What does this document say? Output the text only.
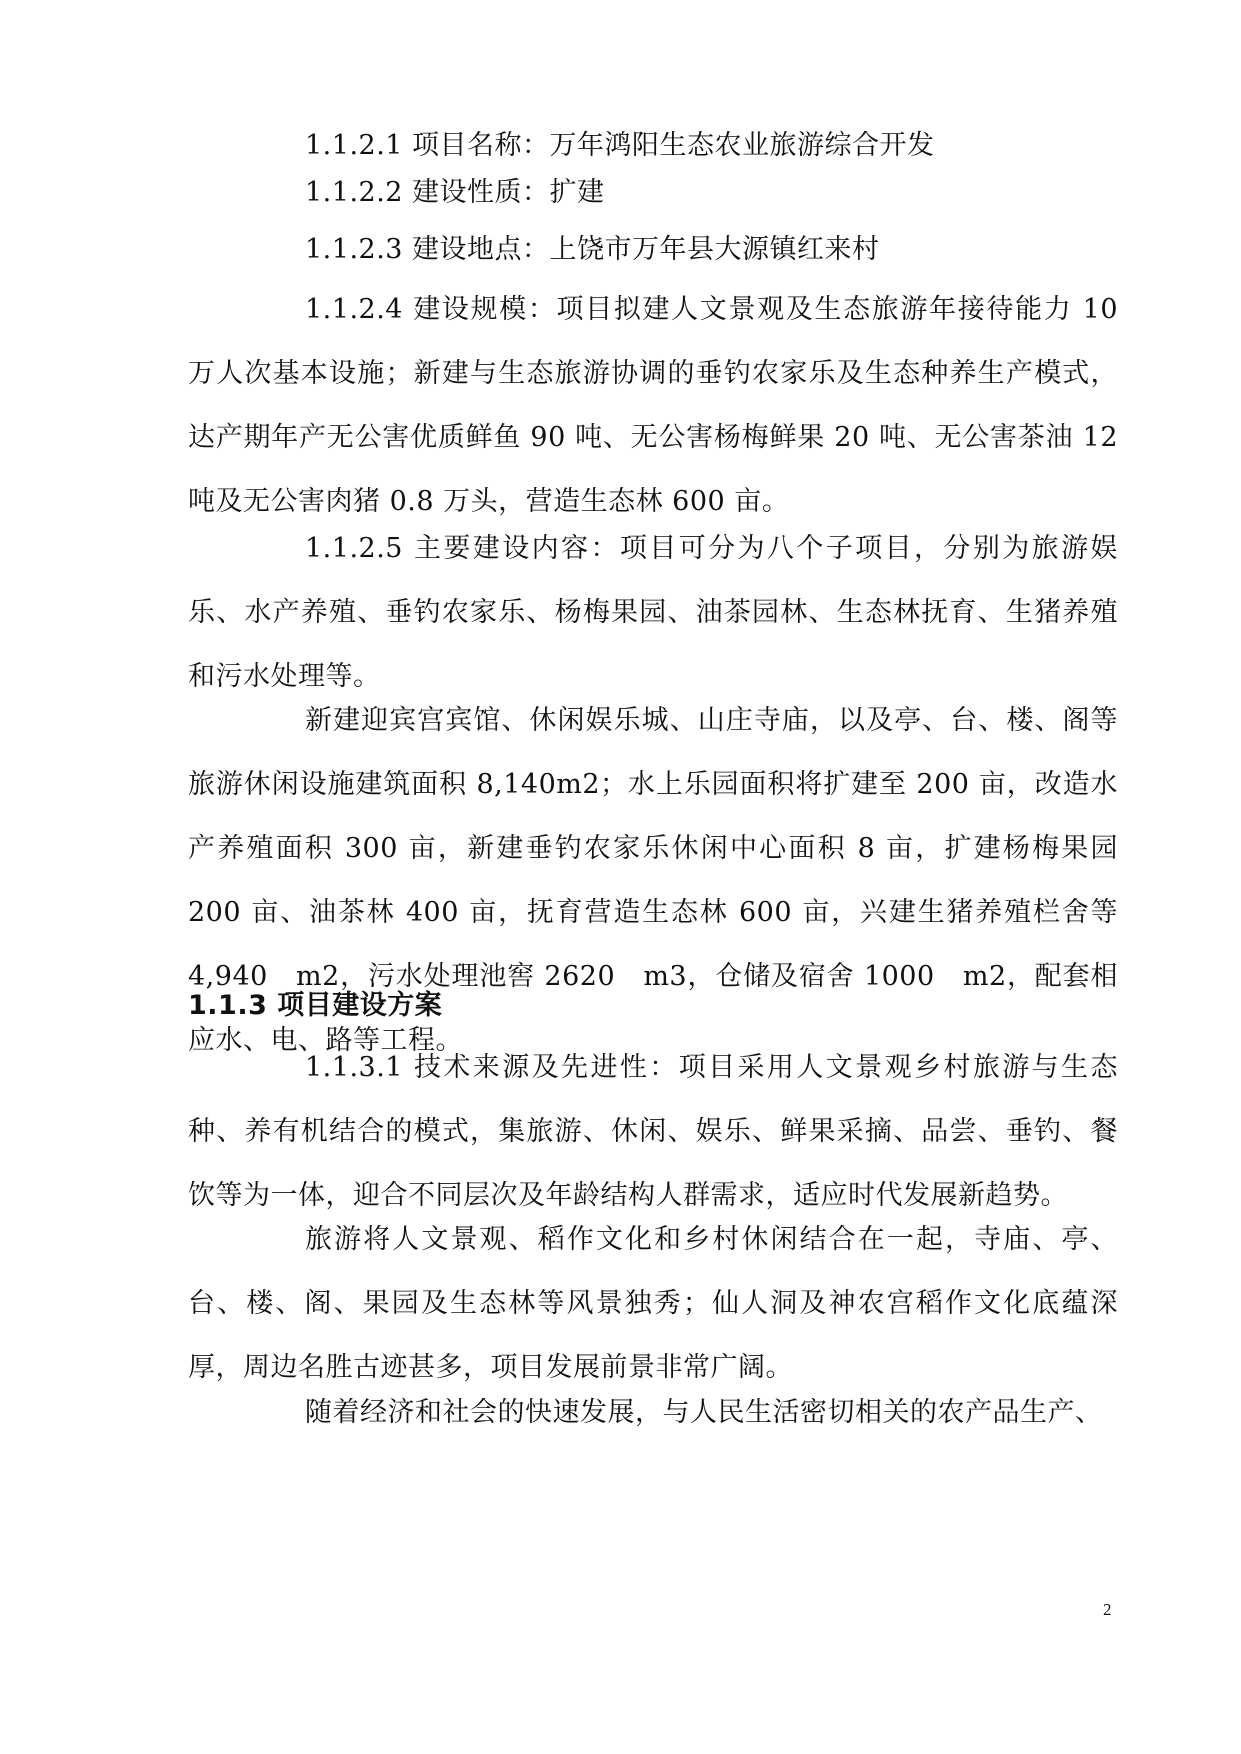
1.1.2.1 项目名称：万年鸿阳生态农业旅游综合开发

1.1.2.2 建设性质：扩建

1.1.2.3 建设地点：上饶市万年县大源镇红来村

1.1.2.4 建设规模：项目拟建人文景观及生态旅游年接待能力 10 万人次基本设施；新建与生态旅游协调的垂钓农家乐及生态种养生产模式，达产期年产无公害优质鲜鱼 90 吨、无公害杨梅鲜果 20 吨、无公害茶油 12 吨及无公害肉猪 0.8 万头，营造生态林 600 亩。

1.1.2.5 主要建设内容：项目可分为八个子项目，分别为旅游娱乐、水产养殖、垂钓农家乐、杨梅果园、油茶园林、生态林抚育、生猪养殖和污水处理等。

新建迎宾宫宾馆、休闲娱乐城、山庄寺庙，以及亭、台、楼、阁等旅游休闲设施建筑面积 8,140m2；水上乐园面积将扩建至 200 亩，改造水产养殖面积 300 亩，新建垂钓农家乐休闲中心面积 8 亩，扩建杨梅果园 200 亩、油茶林 400 亩，抚育营造生态林 600 亩，兴建生猪养殖栏舍等 4,940　m2，污水处理池窖 2620　m3，仓储及宿舍 1000　m2，配套相应水、电、路等工程。

1.1.3 项目建设方案

1.1.3.1 技术来源及先进性：项目采用人文景观乡村旅游与生态种、养有机结合的模式，集旅游、休闲、娱乐、鲜果采摘、品尝、垂钓、餐饮等为一体，迎合不同层次及年龄结构人群需求，适应时代发展新趋势。

旅游将人文景观、稻作文化和乡村休闲结合在一起，寺庙、亭、台、楼、阁、果园及生态林等风景独秀；仙人洞及神农宫稻作文化底蕴深厚，周边名胜古迹甚多，项目发展前景非常广阔。

随着经济和社会的快速发展，与人民生活密切相关的农产品生产、

2
